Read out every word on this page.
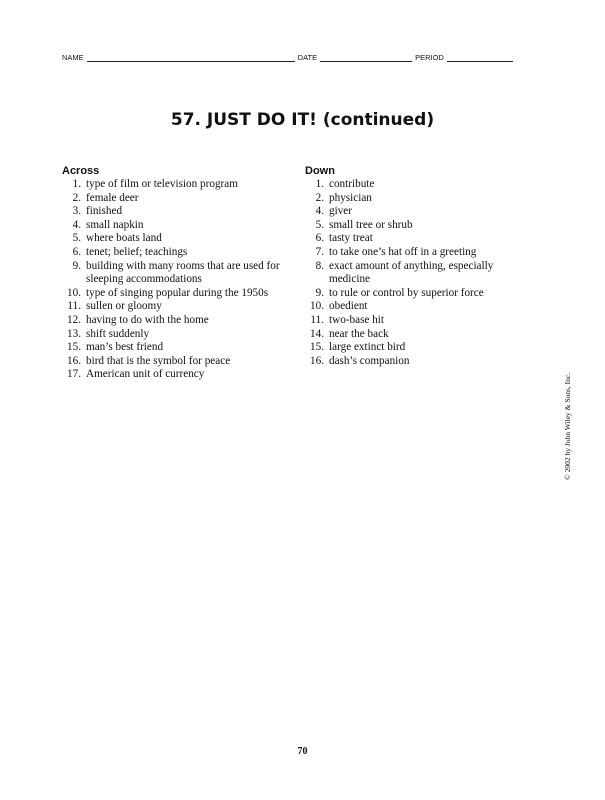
NAME	DATE	PERIOD
57. JUST DO IT! (continued)
Across
1. type of film or television program
2. female deer
3. finished
4. small napkin
5. where boats land
6. tenet; belief; teachings
9. building with many rooms that are used for sleeping accommodations
10. type of singing popular during the 1950s
11. sullen or gloomy
12. having to do with the home
13. shift suddenly
15. man’s best friend
16. bird that is the symbol for peace
17. American unit of currency
Down
1. contribute
2. physician
4. giver
5. small tree or shrub
6. tasty treat
7. to take one’s hat off in a greeting
8. exact amount of anything, especially medicine
9. to rule or control by superior force
10. obedient
11. two-base hit
14. near the back
15. large extinct bird
16. dash’s companion
© 2002 by John Wiley & Sons, Inc.
70
